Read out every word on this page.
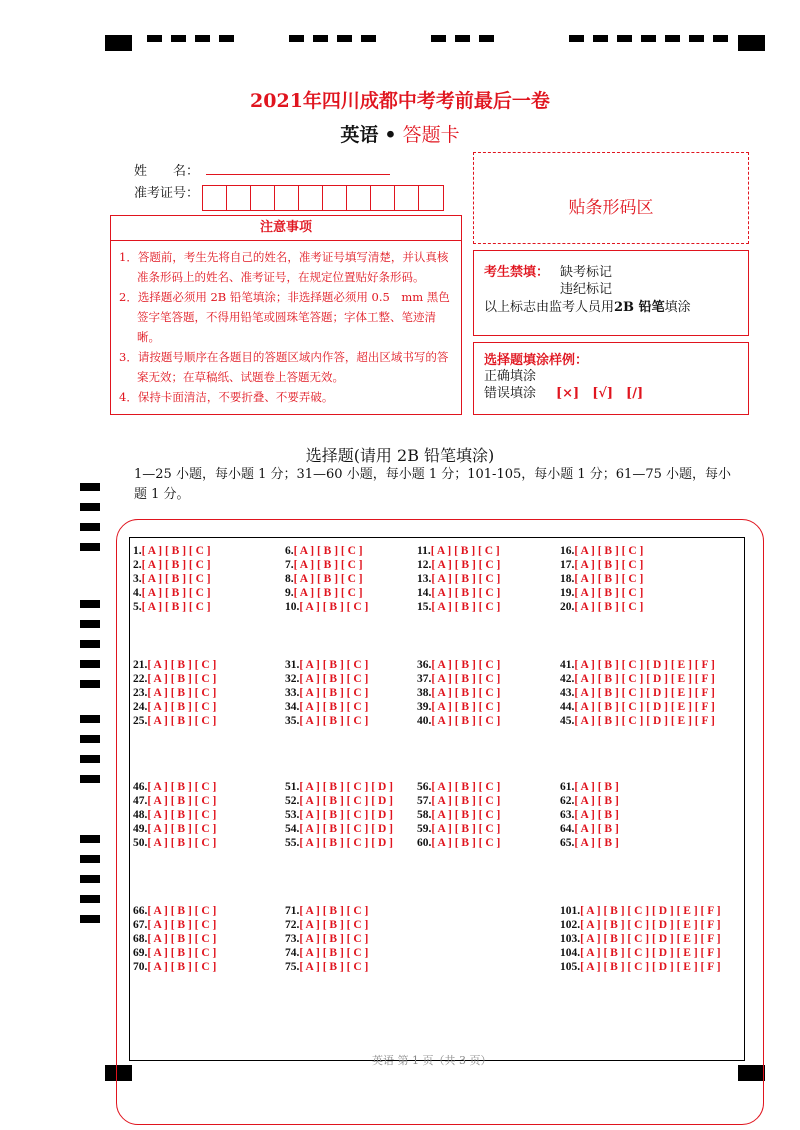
2021年四川成都中考考前最后一卷
英语 • 答题卡
姓　　名：
准考证号：
注意事项
1．答题前，考生先将自己的姓名，准考证号填写清楚，并认真核准条形码上的姓名、准考证号，在规定位置贴好条形码。
2．选择题必须用 2B 铅笔填涂；非选择题必须用 0.5　mm 黑色签字笔答题，不得用铅笔或圆珠笔答题；字体工整、笔迹清晰。
3．请按题号顺序在各题目的答题区域内作答，超出区域书写的答案无效；在草稿纸、试题卷上答题无效。
4．保持卡面清洁，不要折叠、不要弄破。
贴条形码区
考生禁填： 缺考标记
违纪标记
以上标志由监考人员用2B 铅笔填涂
选择题填涂样例：
正确填涂
错误填涂 [×]　[√]　[/]
选择题(请用 2B 铅笔填涂)
1—25 小题，每小题 1 分；31—60 小题，每小题 1 分；101-105，每小题 1 分；61—75 小题，每小题 1 分。
1.[ A ] [ B ] [ C ]	6.[ A ] [ B ] [ C ]	11.[ A ] [ B ] [ C ]	16.[ A ] [ B ] [ C ]
2.[ A ] [ B ] [ C ]	7.[ A ] [ B ] [ C ]	12.[ A ] [ B ] [ C ]	17.[ A ] [ B ] [ C ]
3.[ A ] [ B ] [ C ]	8.[ A ] [ B ] [ C ]	13.[ A ] [ B ] [ C ]	18.[ A ] [ B ] [ C ]
4.[ A ] [ B ] [ C ]	9.[ A ] [ B ] [ C ]	14.[ A ] [ B ] [ C ]	19.[ A ] [ B ] [ C ]
5.[ A ] [ B ] [ C ]	10.[ A ] [ B ] [ C ]	15.[ A ] [ B ] [ C ]	20.[ A ] [ B ] [ C ]
21.[ A ] [ B ] [ C ]	31.[ A ] [ B ] [ C ]	36.[ A ] [ B ] [ C ]	41.[ A ] [ B ] [ C ] [ D ] [ E ] [ F ]
22.[ A ] [ B ] [ C ]	32.[ A ] [ B ] [ C ]	37.[ A ] [ B ] [ C ]	42.[ A ] [ B ] [ C ] [ D ] [ E ] [ F ]
23.[ A ] [ B ] [ C ]	33.[ A ] [ B ] [ C ]	38.[ A ] [ B ] [ C ]	43.[ A ] [ B ] [ C ] [ D ] [ E ] [ F ]
24.[ A ] [ B ] [ C ]	34.[ A ] [ B ] [ C ]	39.[ A ] [ B ] [ C ]	44.[ A ] [ B ] [ C ] [ D ] [ E ] [ F ]
25.[ A ] [ B ] [ C ]	35.[ A ] [ B ] [ C ]	40.[ A ] [ B ] [ C ]	45.[ A ] [ B ] [ C ] [ D ] [ E ] [ F ]
46.[ A ] [ B ] [ C ]	51.[ A ] [ B ] [ C ] [ D ] 56.[ A ] [ B ] [ C ]	61.[ A ] [ B ]
47.[ A ] [ B ] [ C ]	52.[ A ] [ B ] [ C ] [ D ] 57.[ A ] [ B ] [ C ]	62.[ A ] [ B ]
48.[ A ] [ B ] [ C ]	53.[ A ] [ B ] [ C ] [ D ] 58.[ A ] [ B ] [ C ]	63.[ A ] [ B ]
49.[ A ] [ B ] [ C ]	54.[ A ] [ B ] [ C ] [ D ] 59.[ A ] [ B ] [ C ]	64.[ A ] [ B ]
50.[ A ] [ B ] [ C ]	55.[ A ] [ B ] [ C ] [ D ] 60.[ A ] [ B ] [ C ]	65.[ A ] [ B ]
66.[ A ] [ B ] [ C ]	71.[ A ] [ B ] [ C ]	101.[ A ] [ B ] [ C ] [ D ] [ E ] [ F ]
67.[ A ] [ B ] [ C ]	72.[ A ] [ B ] [ C ]	102.[ A ] [ B ] [ C ] [ D ] [ E ] [ F ]
68.[ A ] [ B ] [ C ]	73.[ A ] [ B ] [ C ]	103.[ A ] [ B ] [ C ] [ D ] [ E ] [ F ]
69.[ A ] [ B ] [ C ]	74.[ A ] [ B ] [ C ]	104.[ A ] [ B ] [ C ] [ D ] [ E ] [ F ]
70.[ A ] [ B ] [ C ]	75.[ A ] [ B ] [ C ]	105.[ A ] [ B ] [ C ] [ D ] [ E ] [ F ]
英语 第 1 页（共 3 页）
